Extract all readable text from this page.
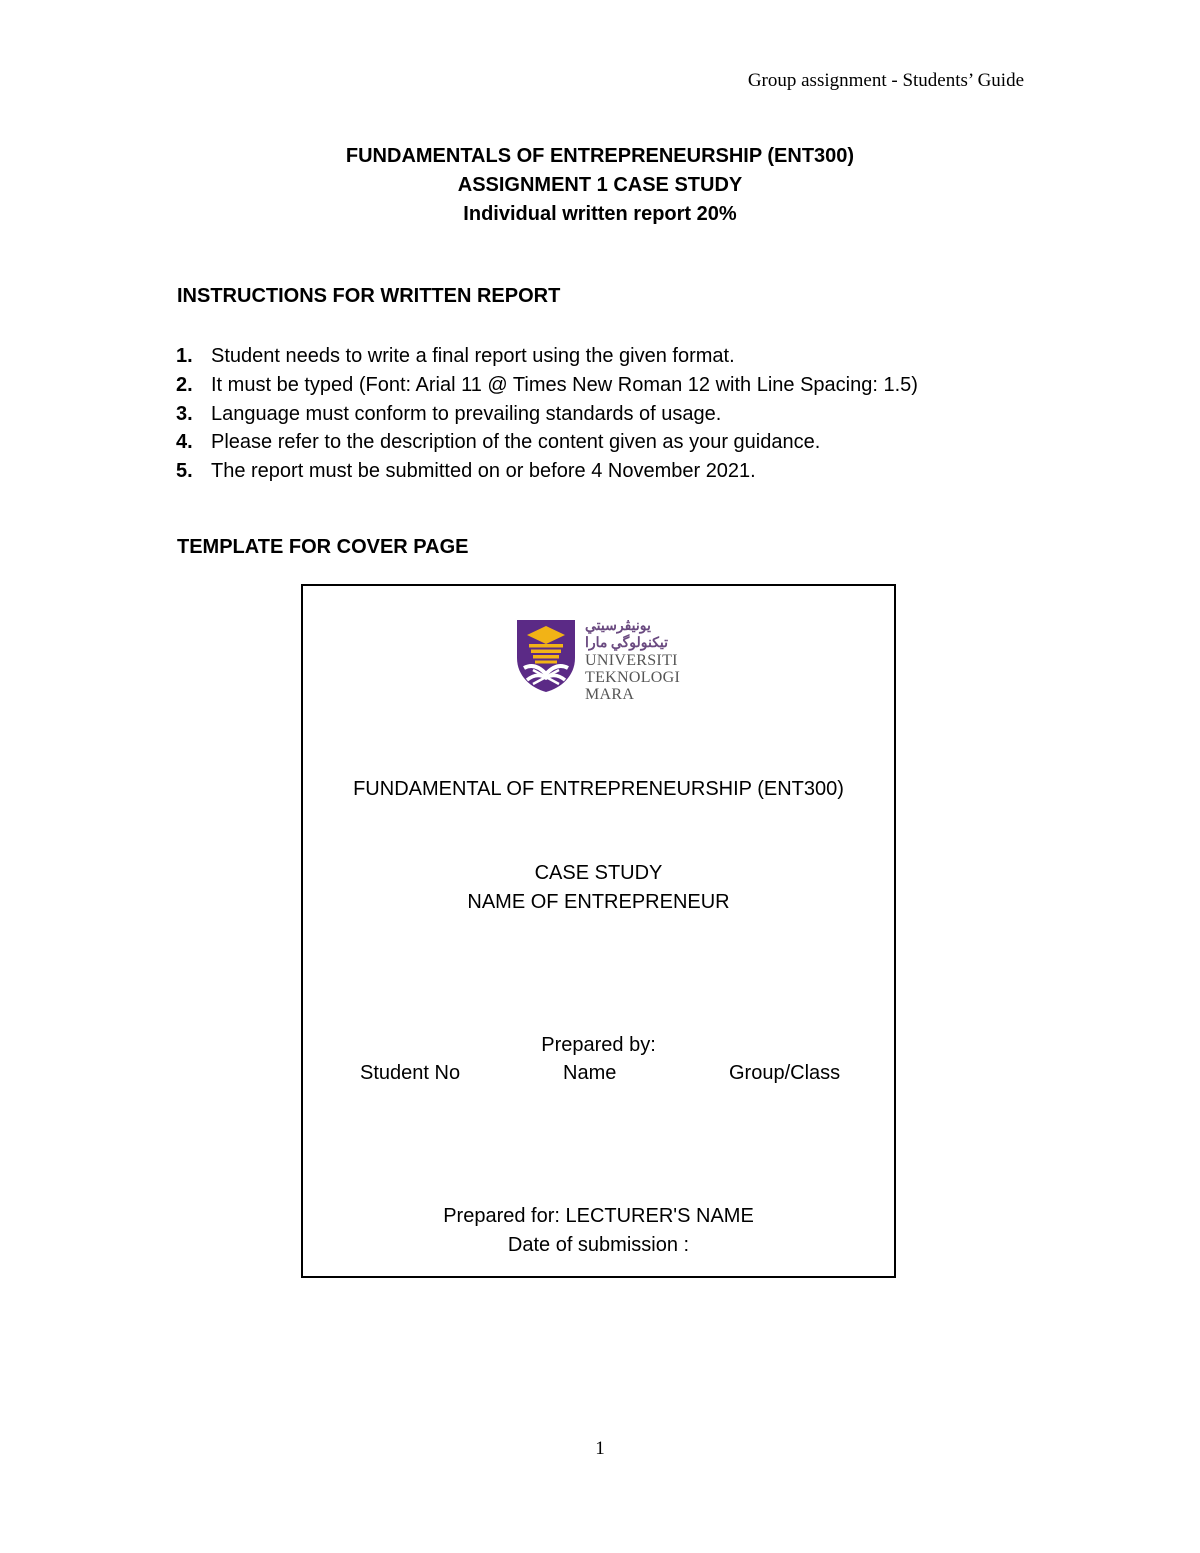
Group assignment - Students’ Guide
FUNDAMENTALS OF ENTREPRENEURSHIP (ENT300)
ASSIGNMENT 1 CASE STUDY
Individual written report 20%
INSTRUCTIONS FOR WRITTEN REPORT
1. Student needs to write a final report using the given format.
2. It must be typed (Font: Arial 11 @ Times New Roman 12 with Line Spacing: 1.5)
3. Language must conform to prevailing standards of usage.
4. Please refer to the description of the content given as your guidance.
5. The report must be submitted on or before 4 November 2021.
TEMPLATE FOR COVER PAGE
ﯾﻮﻧﯿﭭﺮﺳﯿﺘﻲ ﺗﻴﻜﻨﻮﻟﻮﮔﻲ ﻣﺎرا
UNIVERSITI
TEKNOLOGI
MARA
FUNDAMENTAL OF ENTREPRENEURSHIP (ENT300)
CASE STUDY
NAME OF ENTREPRENEUR
Prepared by:
Student No	Name	Group/Class
Prepared for: LECTURER'S NAME
Date of submission :
1
